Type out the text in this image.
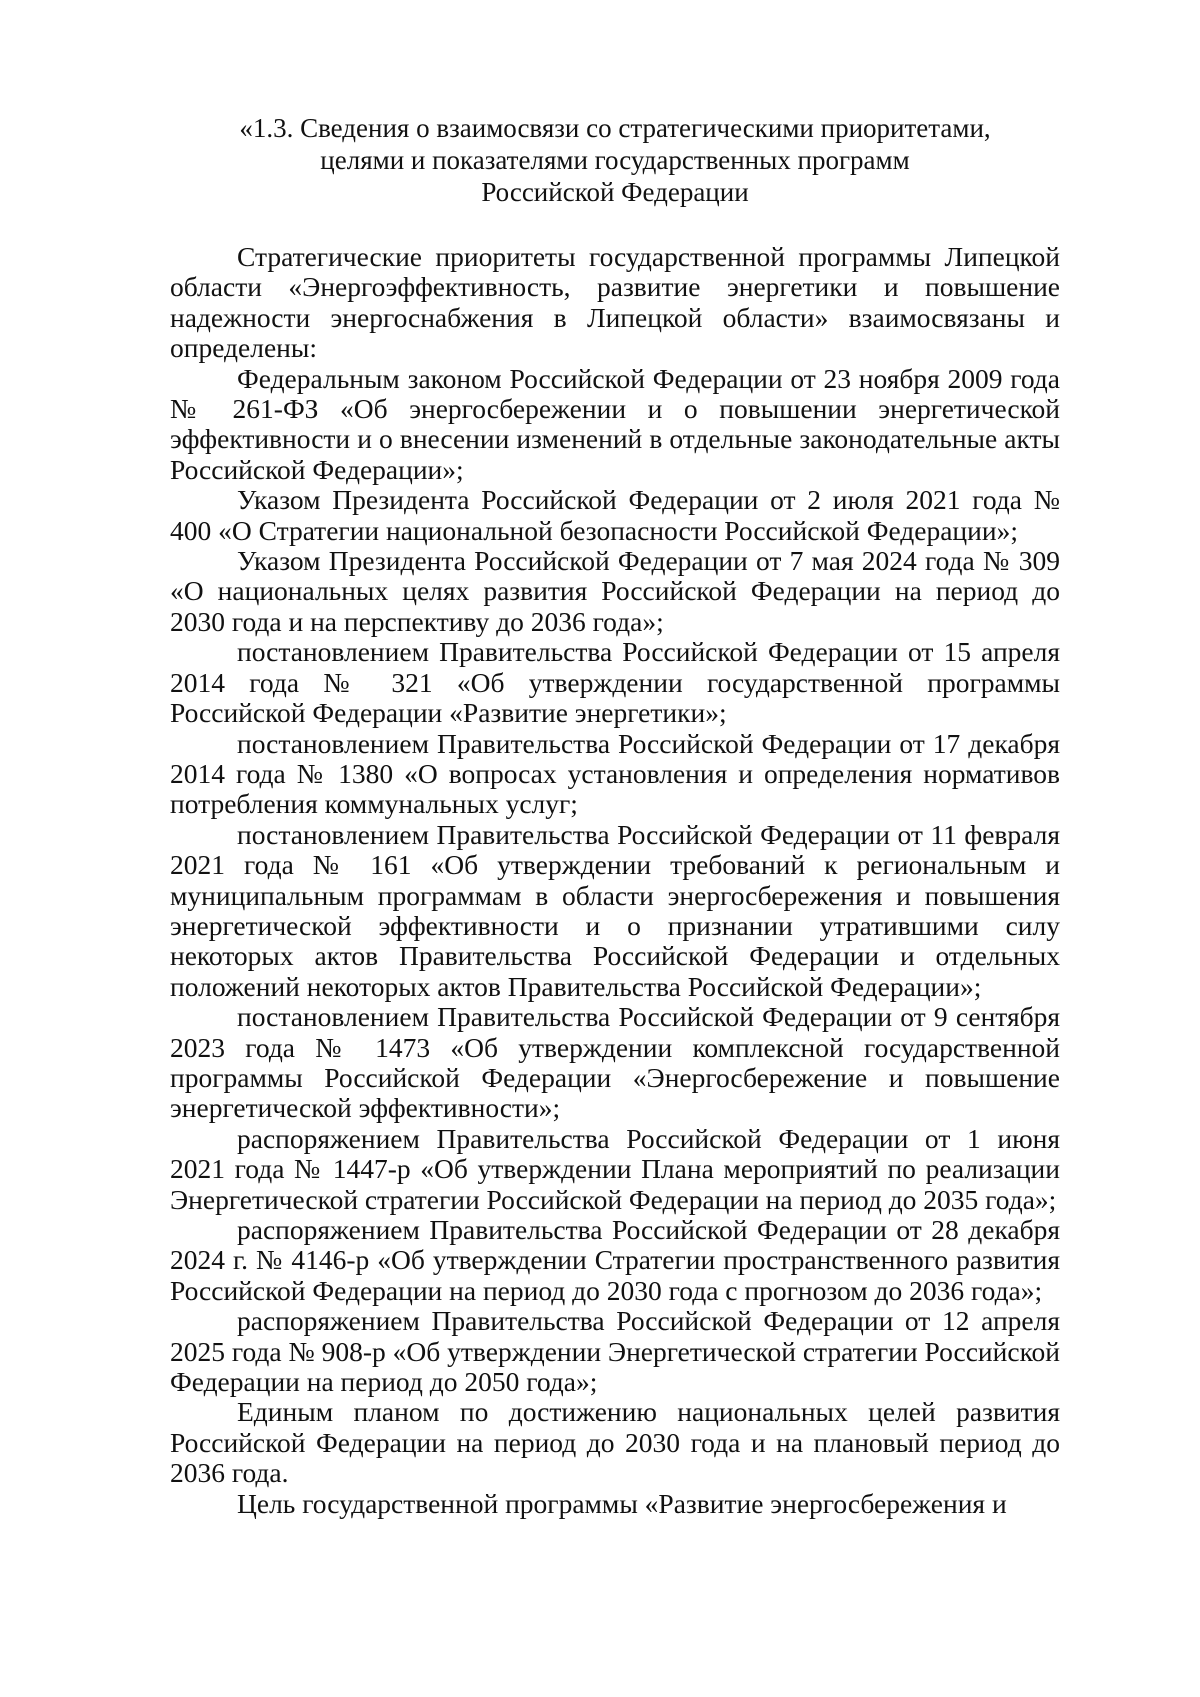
«1.3. Сведения о взаимосвязи со стратегическими приоритетами,
целями и показателями государственных программ
Российской Федерации

Стратегические приоритеты государственной программы Липецкой области «Энергоэффективность, развитие энергетики и повышение надежности энергоснабжения в Липецкой области» взаимосвязаны и определены:

Федеральным законом Российской Федерации от 23 ноября 2009 года № 261-ФЗ «Об энергосбережении и о повышении энергетической эффективности и о внесении изменений в отдельные законодательные акты Российской Федерации»;

Указом Президента Российской Федерации от 2 июля 2021 года № 400 «О Стратегии национальной безопасности Российской Федерации»;

Указом Президента Российской Федерации от 7 мая 2024 года № 309 «О национальных целях развития Российской Федерации на период до 2030 года и на перспективу до 2036 года»;

постановлением Правительства Российской Федерации от 15 апреля 2014 года № 321 «Об утверждении государственной программы Российской Федерации «Развитие энергетики»;

постановлением Правительства Российской Федерации от 17 декабря 2014 года № 1380 «О вопросах установления и определения нормативов потребления коммунальных услуг;

постановлением Правительства Российской Федерации от 11 февраля 2021 года № 161 «Об утверждении требований к региональным и муниципальным программам в области энергосбережения и повышения энергетической эффективности и о признании утратившими силу некоторых актов Правительства Российской Федерации и отдельных положений некоторых актов Правительства Российской Федерации»;

постановлением Правительства Российской Федерации от 9 сентября 2023 года № 1473 «Об утверждении комплексной государственной программы Российской Федерации «Энергосбережение и повышение энергетической эффективности»;

распоряжением Правительства Российской Федерации от 1 июня 2021 года № 1447-р «Об утверждении Плана мероприятий по реализации Энергетической стратегии Российской Федерации на период до 2035 года»;

распоряжением Правительства Российской Федерации от 28 декабря 2024 г. № 4146-р «Об утверждении Стратегии пространственного развития Российской Федерации на период до 2030 года с прогнозом до 2036 года»;

распоряжением Правительства Российской Федерации от 12 апреля 2025 года № 908-р «Об утверждении Энергетической стратегии Российской Федерации на период до 2050 года»;

Единым планом по достижению национальных целей развития Российской Федерации на период до 2030 года и на плановый период до 2036 года.

Цель государственной программы «Развитие энергосбережения и
